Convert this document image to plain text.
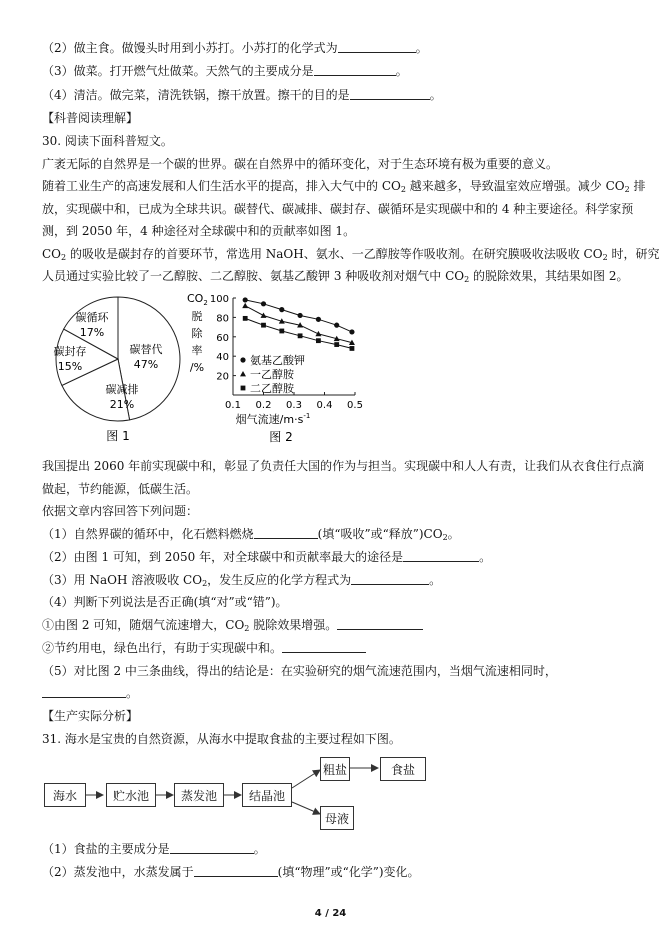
（2）做主食。做馒头时用到小苏打。小苏打的化学式为	。
（3）做菜。打开燃气灶做菜。天然气的主要成分是	。
（4）清洁。做完菜，清洗铁锅，擦干放置。擦干的目的是	。
【科普阅读理解】
30. 阅读下面科普短文。
广袤无际的自然界是一个碳的世界。碳在自然界中的循环变化，对于生态环境有极为重要的意义。
随着工业生产的高速发展和人们生活水平的提高，排入大气中的 $CO_2$ 越来越多，导致温室效应增强。减少 $CO_2$ 排
放，实现碳中和，已成为全球共识。碳替代、碳减排、碳封存、碳循环是实现碳中和的 4 种主要途径。科学家预
测，到 2050 年，4 种途径对全球碳中和的贡献率如图 1。
$CO_2$ 的吸收是碳封存的首要环节，常选用 NaOH、氨水、一乙醇胺等作吸收剂。在研究膜吸收法吸收 $CO_2$ 时，研究
人员通过实验比较了一乙醇胺、二乙醇胺、氨基乙酸钾 3 种吸收剂对烟气中 $CO_2$ 的脱除效果，其结果如图 2。
碳替代
47%
碳减排
21%
碳封存
15%
碳循环
17%
图 1
20
40
60
80
100
0.1 0.2 0.3 0.4 0.5
$CO_2$
脱
除
率
/%
烟气流速$/m\cdot s^{-1}$
图 2
氨基乙酸钾
一乙醇胺
二乙醇胺
我国提出 2060 年前实现碳中和，彰显了负责任大国的作为与担当。实现碳中和人人有责，让我们从衣食住行点滴
做起，节约能源，低碳生活。
依据文章内容回答下列问题：
（1）自然界碳的循环中，化石燃料燃烧	(填“吸收”或“释放$”)CO_2$。
（2）由图 1 可知，到 2050 年，对全球碳中和贡献率最大的途径是	。
（3）用 NaOH 溶液吸收 $CO_2$，发生反应的化学方程式为	。
（4）判断下列说法是否正确(填“对”或“错”)。
①由图 2 可知，随烟气流速增大，$CO_2$ 脱除效果增强。
②节约用电，绿色出行，有助于实现碳中和。
（5）对比图 2 中三条曲线，得出的结论是：在实验研究的烟气流速范围内，当烟气流速相同时，
。
【生产实际分析】
31. 海水是宝贵的自然资源，从海水中提取食盐的主要过程如下图。
海水	贮水池	蒸发池	结晶池
粗盐	食盐
母液
（1）食盐的主要成分是	。
（2）蒸发池中，水蒸发属于	(填“物理”或“化学”)变化。
4 / 24
